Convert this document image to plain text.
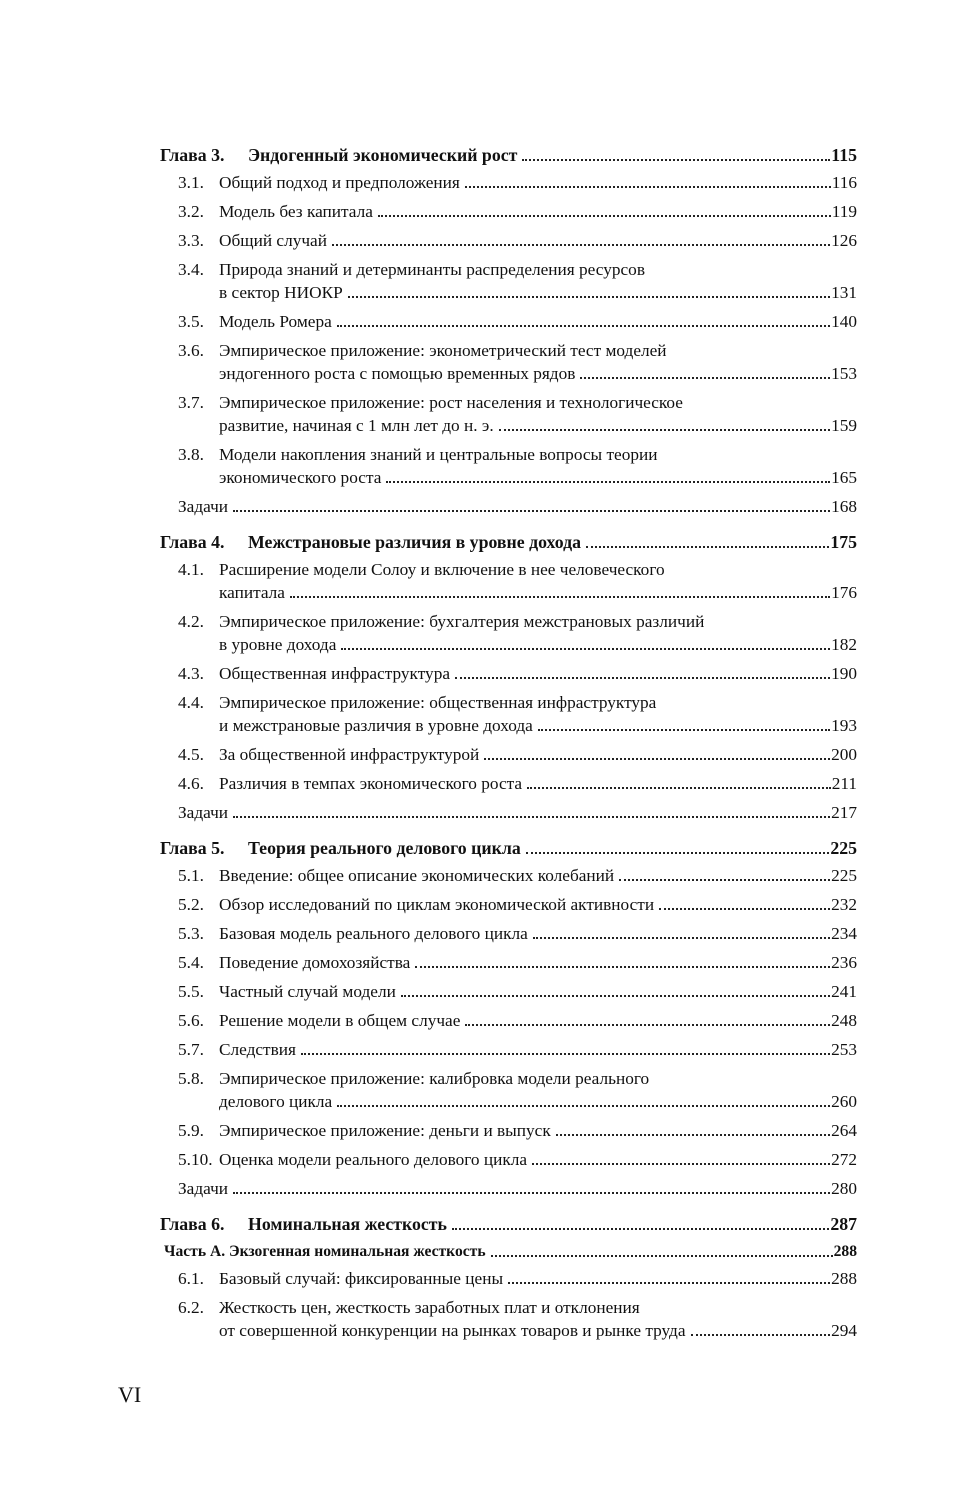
Глава 3.	Эндогенный экономический рост	115
3.1. Общий подход и предположения	116
3.2. Модель без капитала	119
3.3. Общий случай	126
3.4. Природа знаний и детерминанты распределения ресурсов
в сектор НИОКР	131
3.5. Модель Ромера	140
3.6. Эмпирическое приложение: эконометрический тест моделей
эндогенного роста с помощью временных рядов	153
3.7. Эмпирическое приложение: рост населения и технологическое
развитие, начиная с 1 млн лет до н. э.	159
3.8. Модели накопления знаний и центральные вопросы теории
экономического роста	165
Задачи	168
Глава 4.	Межстрановые различия в уровне дохода	175
4.1. Расширение модели Солоу и включение в нее человеческого
капитала	176
4.2. Эмпирическое приложение: бухгалтерия межстрановых различий
в уровне дохода	182
4.3. Общественная инфраструктура	190
4.4. Эмпирическое приложение: общественная инфраструктура
и межстрановые различия в уровне дохода	193
4.5. За общественной инфраструктурой	200
4.6. Различия в темпах экономического роста	211
Задачи	217
Глава 5.	Теория реального делового цикла	225
5.1. Введение: общее описание экономических колебаний	225
5.2. Обзор исследований по циклам экономической активности	232
5.3. Базовая модель реального делового цикла	234
5.4. Поведение домохозяйства	236
5.5. Частный случай модели	241
5.6. Решение модели в общем случае	248
5.7. Следствия	253
5.8. Эмпирическое приложение: калибровка модели реального
делового цикла	260
5.9. Эмпирическое приложение: деньги и выпуск	264
5.10. Оценка модели реального делового цикла	272
Задачи	280
Глава 6.	Номинальная жесткость	287
Часть А. Экзогенная номинальная жесткость	288
6.1. Базовый случай: фиксированные цены	288
6.2. Жесткость цен, жесткость заработных плат и отклонения
от совершенной конкуренции на рынках товаров и рынке труда	294
VI
